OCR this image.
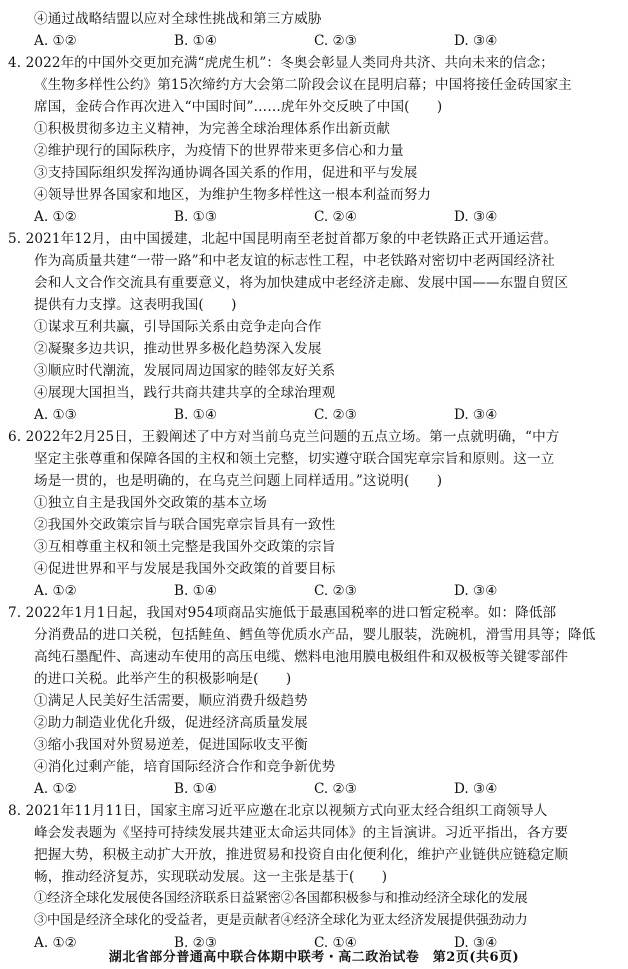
④通过战略结盟以应对全球性挑战和第三方威胁
A. ①②	B. ①④	C. ②③	D. ③④
4. 2022年的中国外交更加充满“虎虎生机”：冬奥会彰显人类同舟共济、共向未来的信念；
《生物多样性公约》第15次缔约方大会第二阶段会议在昆明启幕；中国将接任金砖国家主
席国，金砖合作再次进入“中国时间”……虎年外交反映了中国(　　)
①积极贯彻多边主义精神，为完善全球治理体系作出新贡献
②维护现行的国际秩序，为疫情下的世界带来更多信心和力量
③支持国际组织发挥沟通协调各国关系的作用，促进和平与发展
④领导世界各国家和地区，为维护生物多样性这一根本利益而努力
A. ①②	B. ①③	C. ②④	D. ③④
5. 2021年12月，由中国援建，北起中国昆明南至老挝首都万象的中老铁路正式开通运营。
作为高质量共建“一带一路”和中老友谊的标志性工程，中老铁路对密切中老两国经济社
会和人文合作交流具有重要意义，将为加快建成中老经济走廊、发展中国——东盟自贸区
提供有力支撑。这表明我国(　　)
①谋求互利共赢，引导国际关系由竞争走向合作
②凝聚多边共识，推动世界多极化趋势深入发展
③顺应时代潮流，发展同周边国家的睦邻友好关系
④展现大国担当，践行共商共建共享的全球治理观
A. ①③	B. ①④	C. ②③	D. ③④
6. 2022年2月25日，王毅阐述了中方对当前乌克兰问题的五点立场。第一点就明确，“中方
坚定主张尊重和保障各国的主权和领土完整，切实遵守联合国宪章宗旨和原则。这一立
场是一贯的，也是明确的，在乌克兰问题上同样适用。”这说明(　　)
①独立自主是我国外交政策的基本立场
②我国外交政策宗旨与联合国宪章宗旨具有一致性
③互相尊重主权和领土完整是我国外交政策的宗旨
④促进世界和平与发展是我国外交政策的首要目标
A. ①②	B. ①④	C. ②③	D. ③④
7. 2022年1月1日起，我国对954项商品实施低于最惠国税率的进口暂定税率。如：降低部
分消费品的进口关税，包括鲑鱼、鳕鱼等优质水产品，婴儿服装，洗碗机，滑雪用具等；降低
高纯石墨配件、高速动车使用的高压电缆、燃料电池用膜电极组件和双极板等关键零部件
的进口关税。此举产生的积极影响是(　　)
①满足人民美好生活需要，顺应消费升级趋势
②助力制造业优化升级，促进经济高质量发展
③缩小我国对外贸易逆差，促进国际收支平衡
④消化过剩产能，培育国际经济合作和竞争新优势
A. ①②	B. ①④	C. ②③	D. ③④
8. 2021年11月11日，国家主席习近平应邀在北京以视频方式向亚太经合组织工商领导人
峰会发表题为《坚持可持续发展共建亚太命运共同体》的主旨演讲。习近平指出，各方要
把握大势，积极主动扩大开放，推进贸易和投资自由化便利化，维护产业链供应链稳定顺
畅，推动经济复苏，实现联动发展。这一主张是基于(　　)
①经济全球化发展使各国经济联系日益紧密②各国都积极参与和推动经济全球化的发展
③中国是经济全球化的受益者，更是贡献者④经济全球化为亚太经济发展提供强劲动力
A. ①②	B. ②③	C. ①④	D. ③④
湖北省部分普通高中联合体期中联考・高二政治试卷　第2页(共6页)
